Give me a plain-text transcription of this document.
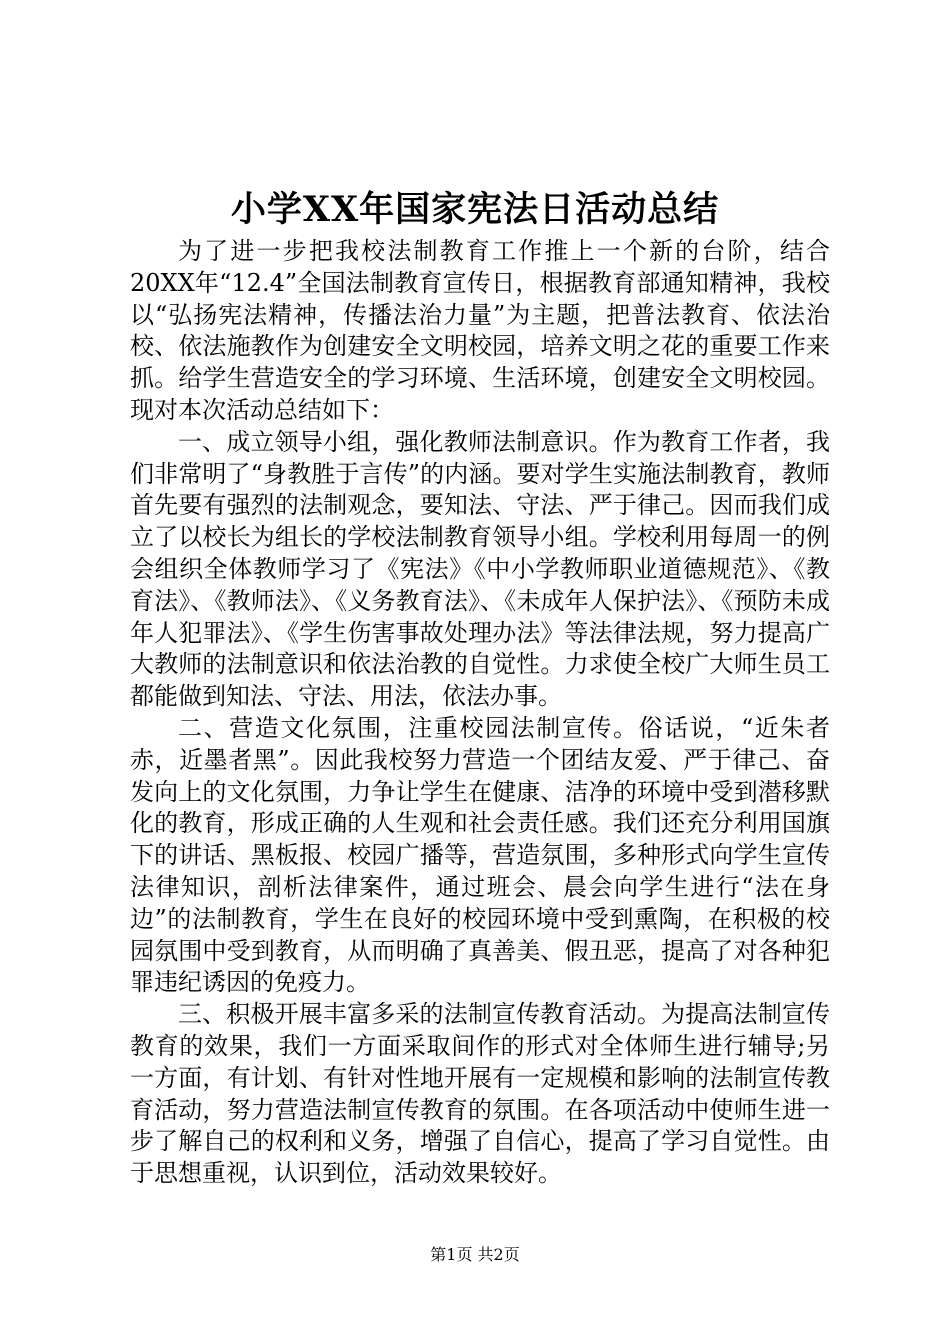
小学XX年国家宪法日活动总结

为了进一步把我校法制教育工作推上一个新的台阶，结合20XX年“12.4”全国法制教育宣传日，根据教育部通知精神，我校以“弘扬宪法精神，传播法治力量”为主题，把普法教育、依法治校、依法施教作为创建安全文明校园，培养文明之花的重要工作来抓。给学生营造安全的学习环境、生活环境，创建安全文明校园。现对本次活动总结如下：

一、成立领导小组，强化教师法制意识。作为教育工作者，我们非常明了“身教胜于言传”的内涵。要对学生实施法制教育，教师首先要有强烈的法制观念，要知法、守法、严于律己。因而我们成立了以校长为组长的学校法制教育领导小组。学校利用每周一的例会组织全体教师学习了《宪法》《中小学教师职业道德规范》、《教育法》、《教师法》、《义务教育法》、《未成年人保护法》、《预防未成年人犯罪法》、《学生伤害事故处理办法》等法律法规，努力提高广大教师的法制意识和依法治教的自觉性。力求使全校广大师生员工都能做到知法、守法、用法，依法办事。

二、营造文化氛围，注重校园法制宣传。俗话说，“近朱者赤，近墨者黑”。因此我校努力营造一个团结友爱、严于律己、奋发向上的文化氛围，力争让学生在健康、洁净的环境中受到潜移默化的教育，形成正确的人生观和社会责任感。我们还充分利用国旗下的讲话、黑板报、校园广播等，营造氛围，多种形式向学生宣传法律知识，剖析法律案件，通过班会、晨会向学生进行“法在身边”的法制教育，学生在良好的校园环境中受到熏陶，在积极的校园氛围中受到教育，从而明确了真善美、假丑恶，提高了对各种犯罪违纪诱因的免疫力。

三、积极开展丰富多采的法制宣传教育活动。为提高法制宣传教育的效果，我们一方面采取间作的形式对全体师生进行辅导;另一方面，有计划、有针对性地开展有一定规模和影响的法制宣传教育活动，努力营造法制宣传教育的氛围。在各项活动中使师生进一步了解自己的权利和义务，增强了自信心，提高了学习自觉性。由于思想重视，认识到位，活动效果较好。

第1页 共2页
